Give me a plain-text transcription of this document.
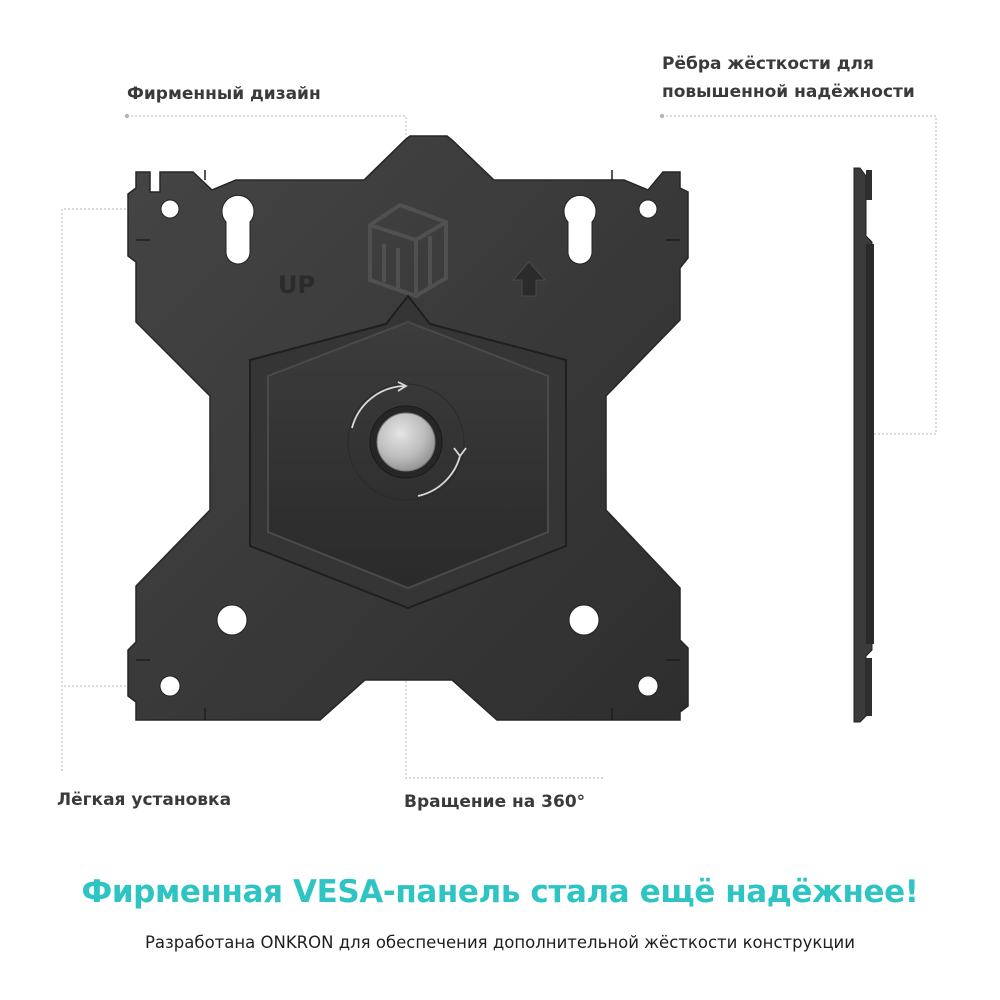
UP
Фирменный дизайн
Рёбра жёсткости для
повышенной надёжности
Лёгкая установка	Вращение на 360°
Фирменная VESA-панель стала ещё надёжнее!
Разработана ONKRON для обеспечения дополнительной жёсткости конструкции
